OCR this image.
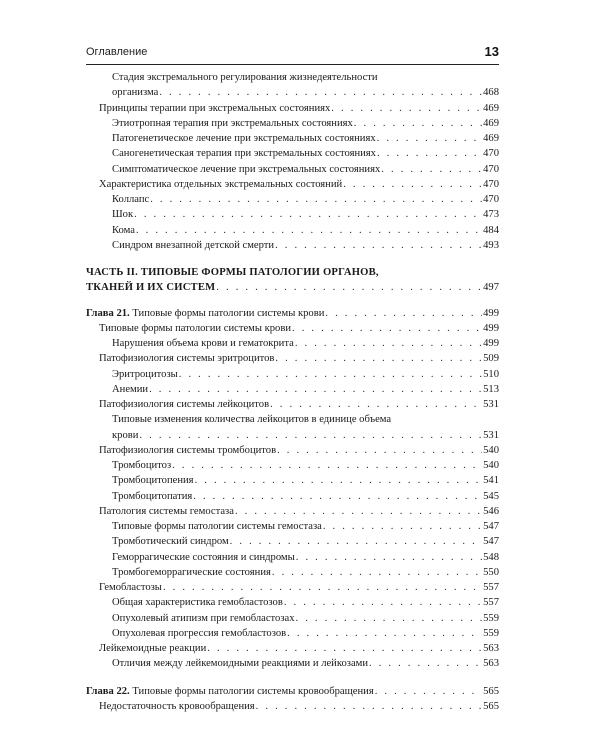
Оглавление	13
Стадия экстремального регулирования жизнедеятельности
организма . . .	468
Принципы терапии при экстремальных состояниях . . .	469
Этиотропная терапия при экстремальных состояниях . . .	469
Патогенетическое лечение при экстремальных состояниях . . .	469
Саногенетическая терапия при экстремальных состояниях . . .	470
Симптоматическое лечение при экстремальных состояниях . . .	470
Характеристика отдельных экстремальных состояний . . .	470
Коллапс . . .	470
Шок . . .	473
Кома . . .	484
Синдром внезапной детской смерти . . .	493
ЧАСТЬ II. ТИПОВЫЕ ФОРМЫ ПАТОЛОГИИ ОРГАНОВ,
ТКАНЕЙ И ИХ СИСТЕМ . . .	497
Глава 21. Типовые формы патологии системы крови . . .	499
Типовые формы патологии системы крови . . .	499
Нарушения объема крови и гематокрита . . .	499
Патофизиология системы эритроцитов . . .	509
Эритроцитозы . . .	510
Анемии . . .	513
Патофизиология системы лейкоцитов . . .	531
Типовые изменения количества лейкоцитов в единице объема
крови . . .	531
Патофизиология системы тромбоцитов . . .	540
Тромбоцитоз . . .	540
Тромбоцитопения . . .	541
Тромбоцитопатия . . .	545
Патология системы гемостаза . . .	546
Типовые формы патологии системы гемостаза . . .	547
Тромботический синдром . . .	547
Геморрагические состояния и синдромы . . .	548
Тромбогеморрагические состояния . . .	550
Гемобластозы . . .	557
Общая характеристика гемобластозов . . .	557
Опухолевый атипизм при гемобластозах . . .	559
Опухолевая прогрессия гемобластозов . . .	559
Лейкемоидные реакции . . .	563
Отличия между лейкемоидными реакциями и лейкозами . . .	563
Глава 22. Типовые формы патологии системы кровообращения . . .	565
Недостаточность кровообращения . . .	565
